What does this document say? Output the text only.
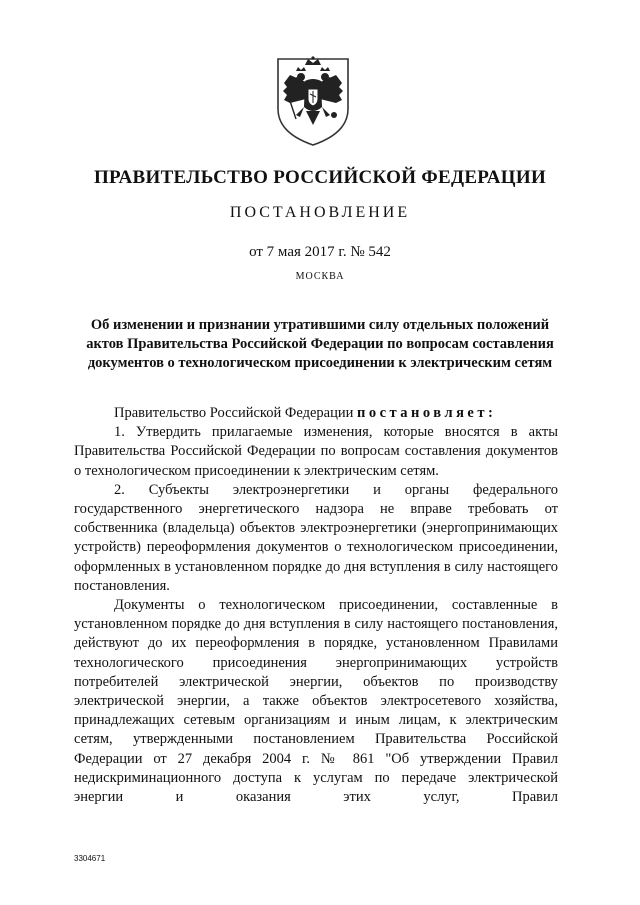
ПРАВИТЕЛЬСТВО РОССИЙСКОЙ ФЕДЕРАЦИИ
ПОСТАНОВЛЕНИЕ
от 7 мая 2017 г. № 542
МОСКВА
Об изменении и признании утратившими силу отдельных положений актов Правительства Российской Федерации по вопросам составления документов о технологическом присоединении к электрическим сетям

Правительство Российской Федерации постановляет:

1. Утвердить прилагаемые изменения, которые вносятся в акты Правительства Российской Федерации по вопросам составления документов о технологическом присоединении к электрическим сетям.

2. Субъекты электроэнергетики и органы федерального государственного энергетического надзора не вправе требовать от собственника (владельца) объектов электроэнергетики (энергопринимающих устройств) переоформления документов о технологическом присоединении, оформленных в установленном порядке до дня вступления в силу настоящего постановления.

Документы о технологическом присоединении, составленные в установленном порядке до дня вступления в силу настоящего постановления, действуют до их переоформления в порядке, установленном Правилами технологического присоединения энергопринимающих устройств потребителей электрической энергии, объектов по производству электрической энергии, а также объектов электросетевого хозяйства, принадлежащих сетевым организациям и иным лицам, к электрическим сетям, утвержденными постановлением Правительства Российской Федерации от 27 декабря 2004 г. № 861 "Об утверждении Правил недискриминационного доступа к услугам по передаче электрической энергии и оказания этих услуг, Правил

3304671
